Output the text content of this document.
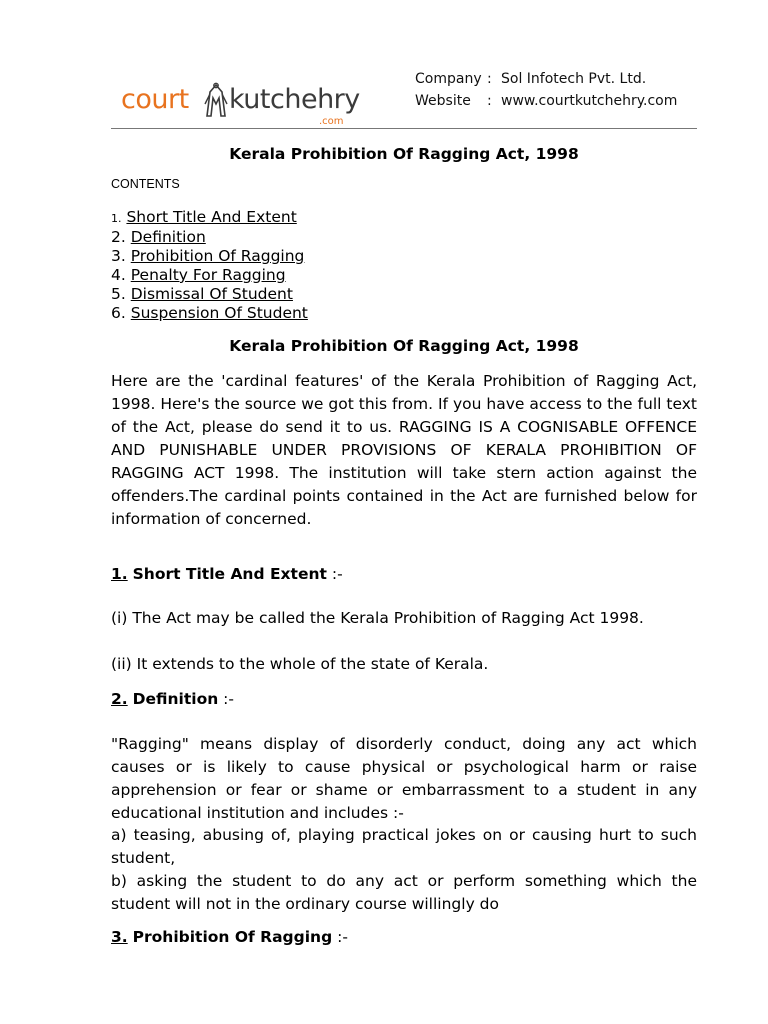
court kutchehry
.com
Company : Sol Infotech Pvt. Ltd.
Website : www.courtkutchehry.com
Kerala Prohibition Of Ragging Act, 1998
CONTENTS
1. Short Title And Extent
2. Definition
3. Prohibition Of Ragging
4. Penalty For Ragging
5. Dismissal Of Student
6. Suspension Of Student
Kerala Prohibition Of Ragging Act, 1998
Here are the 'cardinal features' of the Kerala Prohibition of Ragging Act, 1998. Here's the source we got this from. If you have access to the full text of the Act, please do send it to us. RAGGING IS A COGNISABLE OFFENCE AND PUNISHABLE UNDER PROVISIONS OF KERALA PROHIBITION OF RAGGING ACT 1998. The institution will take stern action against the offenders.The cardinal points contained in the Act are furnished below for information of concerned.
1. Short Title And Extent :-
(i) The Act may be called the Kerala Prohibition of Ragging Act 1998.
(ii) It extends to the whole of the state of Kerala.
2. Definition :-
"Ragging" means display of disorderly conduct, doing any act which causes or is likely to cause physical or psychological harm or raise apprehension or fear or shame or embarrassment to a student in any educational institution and includes :-
a) teasing, abusing of, playing practical jokes on or causing hurt to such student,
b) asking the student to do any act or perform something which the student will not in the ordinary course willingly do
3. Prohibition Of Ragging :-
